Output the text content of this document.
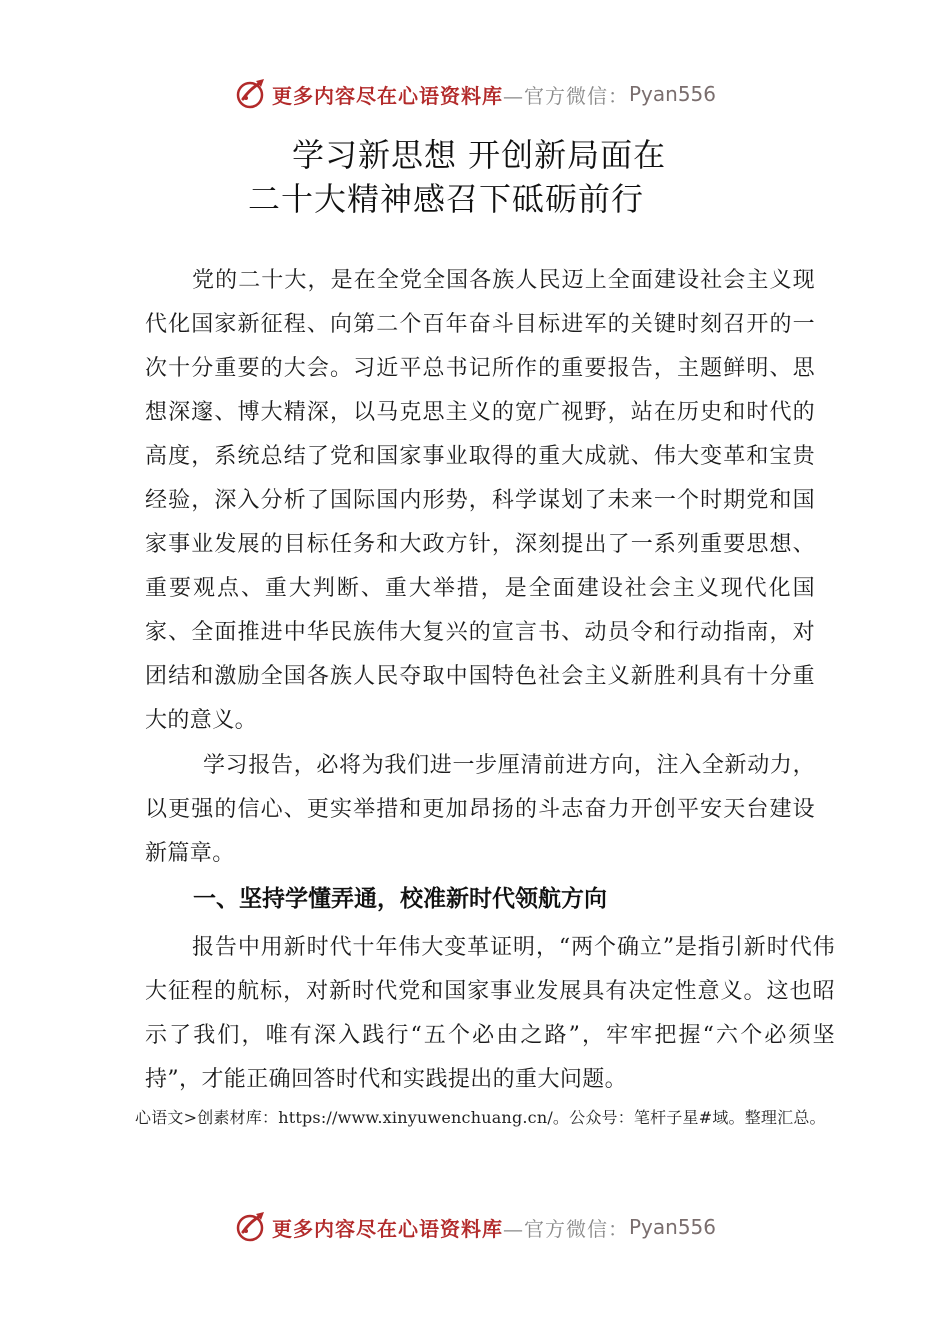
更多内容尽在心语资料库 —官方微信： Pyan556
学习新思想 开创新局面在
二十大精神感召下砥砺前行

党的二十大，是在全党全国各族人民迈上全面建设社会主义现代化国家新征程、向第二个百年奋斗目标进军的关键时刻召开的一次十分重要的大会。习近平总书记所作的重要报告，主题鲜明、思想深邃、博大精深，以马克思主义的宽广视野，站在历史和时代的高度，系统总结了党和国家事业取得的重大成就、伟大变革和宝贵经验，深入分析了国际国内形势，科学谋划了未来一个时期党和国家事业发展的目标任务和大政方针，深刻提出了一系列重要思想、重要观点、重大判断、重大举措，是全面建设社会主义现代化国家、全面推进中华民族伟大复兴的宣言书、动员令和行动指南，对团结和激励全国各族人民夺取中国特色社会主义新胜利具有十分重大的意义。

学习报告，必将为我们进一步厘清前进方向，注入全新动力，以更强的信心、更实举措和更加昂扬的斗志奋力开创平安天台建设新篇章。

一、坚持学懂弄通，校准新时代领航方向

报告中用新时代十年伟大变革证明，“两个确立”是指引新时代伟大征程的航标，对新时代党和国家事业发展具有决定性意义。这也昭示了我们，唯有深入践行“五个必由之路”，牢牢把握“六个必须坚持”，才能正确回答时代和实践提出的重大问题。

心语文>创素材库：https://www.xinyuwenchuang.cn/。公众号：笔杆子星#域。整理汇总。
更多内容尽在心语资料库 —官方微信： Pyan556
